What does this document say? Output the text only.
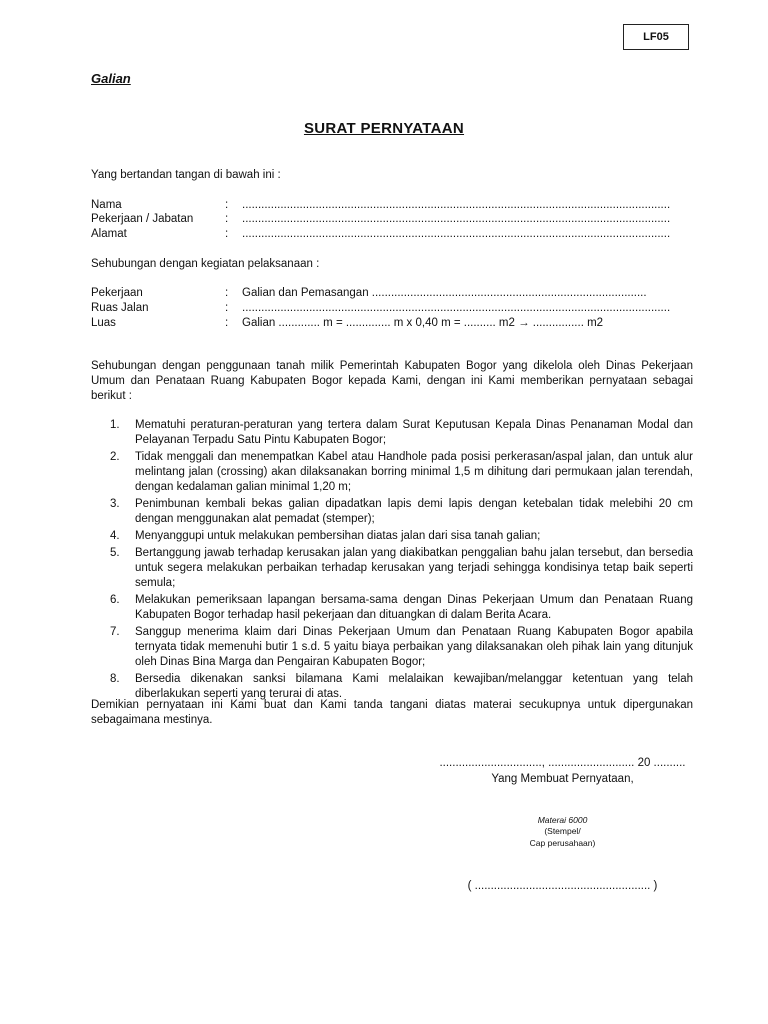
LF05
Galian
SURAT PERNYATAAN
Yang bertandan tangan di bawah ini :
Nama	: ......................................................................................................................................
Pekerjaan / Jabatan	: ......................................................................................................................................
Alamat	: ......................................................................................................................................
Sehubungan dengan kegiatan pelaksanaan :
Pekerjaan	: Galian dan Pemasangan ......................................................................................
Ruas Jalan	: ......................................................................................................................................
Luas	: Galian ............. m = .............. m x 0,40 m = .......... m2 → ................ m2
Sehubungan dengan penggunaan tanah milik Pemerintah Kabupaten Bogor yang dikelola oleh Dinas Pekerjaan Umum dan Penataan Ruang Kabupaten Bogor kepada Kami, dengan ini Kami memberikan pernyataan sebagai berikut :
1. Mematuhi peraturan-peraturan yang tertera dalam Surat Keputusan Kepala Dinas Penanaman Modal dan Pelayanan Terpadu Satu Pintu Kabupaten Bogor;
2. Tidak menggali dan menempatkan Kabel atau Handhole pada posisi perkerasan/aspal jalan, dan untuk alur melintang jalan (crossing) akan dilaksanakan borring minimal 1,5 m dihitung dari permukaan jalan terendah, dengan kedalaman galian minimal 1,20 m;
3. Penimbunan kembali bekas galian dipadatkan lapis demi lapis dengan ketebalan tidak melebihi 20 cm dengan menggunakan alat pemadat (stemper);
4. Menyanggupi untuk melakukan pembersihan diatas jalan dari sisa tanah galian;
5. Bertanggung jawab terhadap kerusakan jalan yang diakibatkan penggalian bahu jalan tersebut, dan bersedia untuk segera melakukan perbaikan terhadap kerusakan yang terjadi sehingga kondisinya tetap baik seperti semula;
6. Melakukan pemeriksaan lapangan bersama-sama dengan Dinas Pekerjaan Umum dan Penataan Ruang Kabupaten Bogor terhadap hasil pekerjaan dan dituangkan di dalam Berita Acara.
7. Sanggup menerima klaim dari Dinas Pekerjaan Umum dan Penataan Ruang Kabupaten Bogor apabila ternyata tidak memenuhi butir 1 s.d. 5 yaitu biaya perbaikan yang dilaksanakan oleh pihak lain yang ditunjuk oleh Dinas Bina Marga dan Pengairan Kabupaten Bogor;
8. Bersedia dikenakan sanksi bilamana Kami melalaikan kewajiban/melanggar ketentuan yang telah diberlakukan seperti yang terurai di atas.
Demikian pernyataan ini Kami buat dan Kami tanda tangani diatas materai secukupnya untuk dipergunakan sebagaimana mestinya.
................................, ........................... 20 ..........
Yang Membuat Pernyataan,
Materai 6000
(Stempel/
Cap perusahaan)
( ....................................................... )
